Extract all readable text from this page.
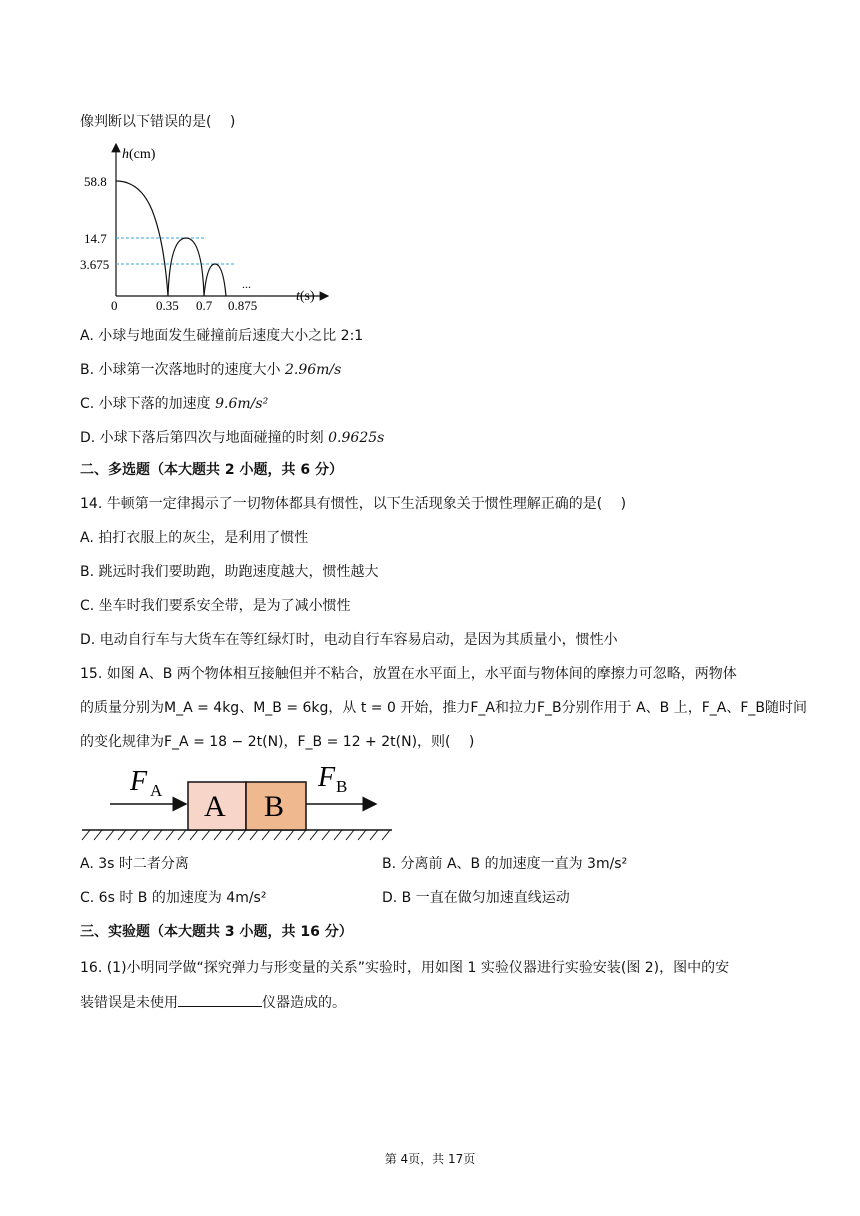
像判断以下错误的是(　 )
h(cm)
t(s)
58.8
14.7
3.675
0	0.35 0.7 0.875
...
A. 小球与地面发生碰撞前后速度大小之比 2:1
B. 小球第一次落地时的速度大小 2.96m/s
C. 小球下落的加速度 9.6m/s²
D. 小球下落后第四次与地面碰撞的时刻 0.9625s
二、多选题（本大题共 2 小题，共 6 分）
14. 牛顿第一定律揭示了一切物体都具有惯性，以下生活现象关于惯性理解正确的是(　 )
A. 拍打衣服上的灰尘，是利用了惯性
B. 跳远时我们要助跑，助跑速度越大，惯性越大
C. 坐车时我们要系安全带，是为了减小惯性
D. 电动自行车与大货车在等红绿灯时，电动自行车容易启动，是因为其质量小，惯性小
15. 如图 A、B 两个物体相互接触但并不粘合，放置在水平面上，水平面与物体间的摩擦力可忽略，两物体
的质量分别为M_A = 4kg、M_B = 6kg，从 t = 0 开始，推力F_A和拉力F_B分别作用于 A、B 上，F_A、F_B随时间
的变化规律为F_A = 18 − 2t(N)，F_B = 12 + 2t(N)，则(　 )
A B
F A	F B
A. 3s 时二者分离	B. 分离前 A、B 的加速度一直为 3m/s²
C. 6s 时 B 的加速度为 4m/s²	D. B 一直在做匀加速直线运动
三、实验题（本大题共 3 小题，共 16 分）
16. (1)小明同学做“探究弹力与形变量的关系”实验时，用如图 1 实验仪器进行实验安装(图 2)，图中的安
装错误是未使用	仪器造成的。
第 4页，共 17页
